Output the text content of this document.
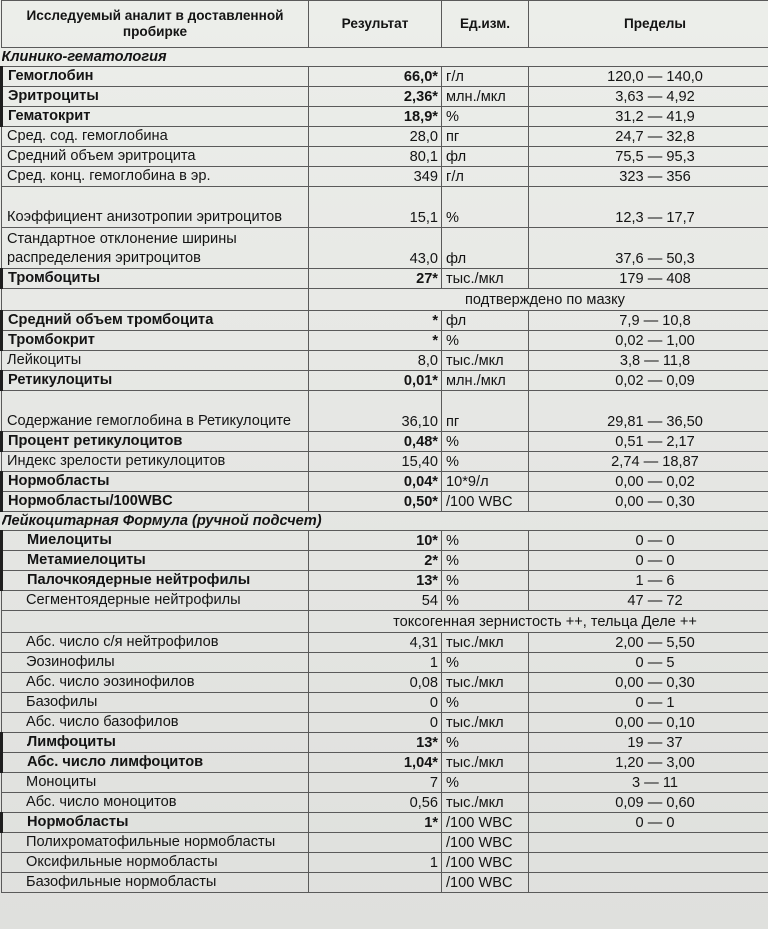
Исследуемый аналит в доставленной пробирке	Результат	Ед.изм.	Пределы
Клинико-гематология			
Гемоглобин	66,0*	г/л	120,0 — 140,0
Эритроциты	2,36*	млн./мкл	3,63 — 4,92
Гематокрит	18,9*	%	31,2 — 41,9
Сред. сод. гемоглобина	28,0	пг	24,7 — 32,8
Средний объем эритроцита	80,1	фл	75,5 — 95,3
Сред. конц. гемоглобина в эр.	349	г/л	323 — 356
Коэффициент анизотропии эритроцитов	15,1	%	12,3 — 17,7
Стандартное отклонение ширины распределения эритроцитов	43,0	фл	37,6 — 50,3
Тромбоциты	27*	тыс./мкл	179 — 408
	подтверждено по мазку		
Средний объем тромбоцита	*	фл	7,9 — 10,8
Тромбокрит	*	%	0,02 — 1,00
Лейкоциты	8,0	тыс./мкл	3,8 — 11,8
Ретикулоциты	0,01*	млн./мкл	0,02 — 0,09
Содержание гемоглобина в Ретикулоците	36,10	пг	29,81 — 36,50
Процент ретикулоцитов	0,48*	%	0,51 — 2,17
Индекс зрелости ретикулоцитов	15,40	%	2,74 — 18,87
Нормобласты	0,04*	10*9/л	0,00 — 0,02
Нормобласты/100WBC	0,50*	/100 WBC	0,00 — 0,30
Лейкоцитарная Формула (ручной подсчет)			
Миелоциты	10*	%	0 — 0
Метамиелоциты	2*	%	0 — 0
Палочкоядерные нейтрофилы	13*	%	1 — 6
Сегментоядерные нейтрофилы	54	%	47 — 72
	токсогенная зернистость ++, тельца Деле ++		
Абс. число с/я нейтрофилов	4,31	тыс./мкл	2,00 — 5,50
Эозинофилы	1	%	0 — 5
Абс. число эозинофилов	0,08	тыс./мкл	0,00 — 0,30
Базофилы	0	%	0 — 1
Абс. число базофилов	0	тыс./мкл	0,00 — 0,10
Лимфоциты	13*	%	19 — 37
Абс. число лимфоцитов	1,04*	тыс./мкл	1,20 — 3,00
Моноциты	7	%	3 — 11
Абс. число моноцитов	0,56	тыс./мкл	0,09 — 0,60
Нормобласты	1*	/100 WBC	0 — 0
Полихроматофильные нормобласты		/100 WBC	
Оксифильные нормобласты	1	/100 WBC	
Базофильные нормобласты		/100 WBC	
